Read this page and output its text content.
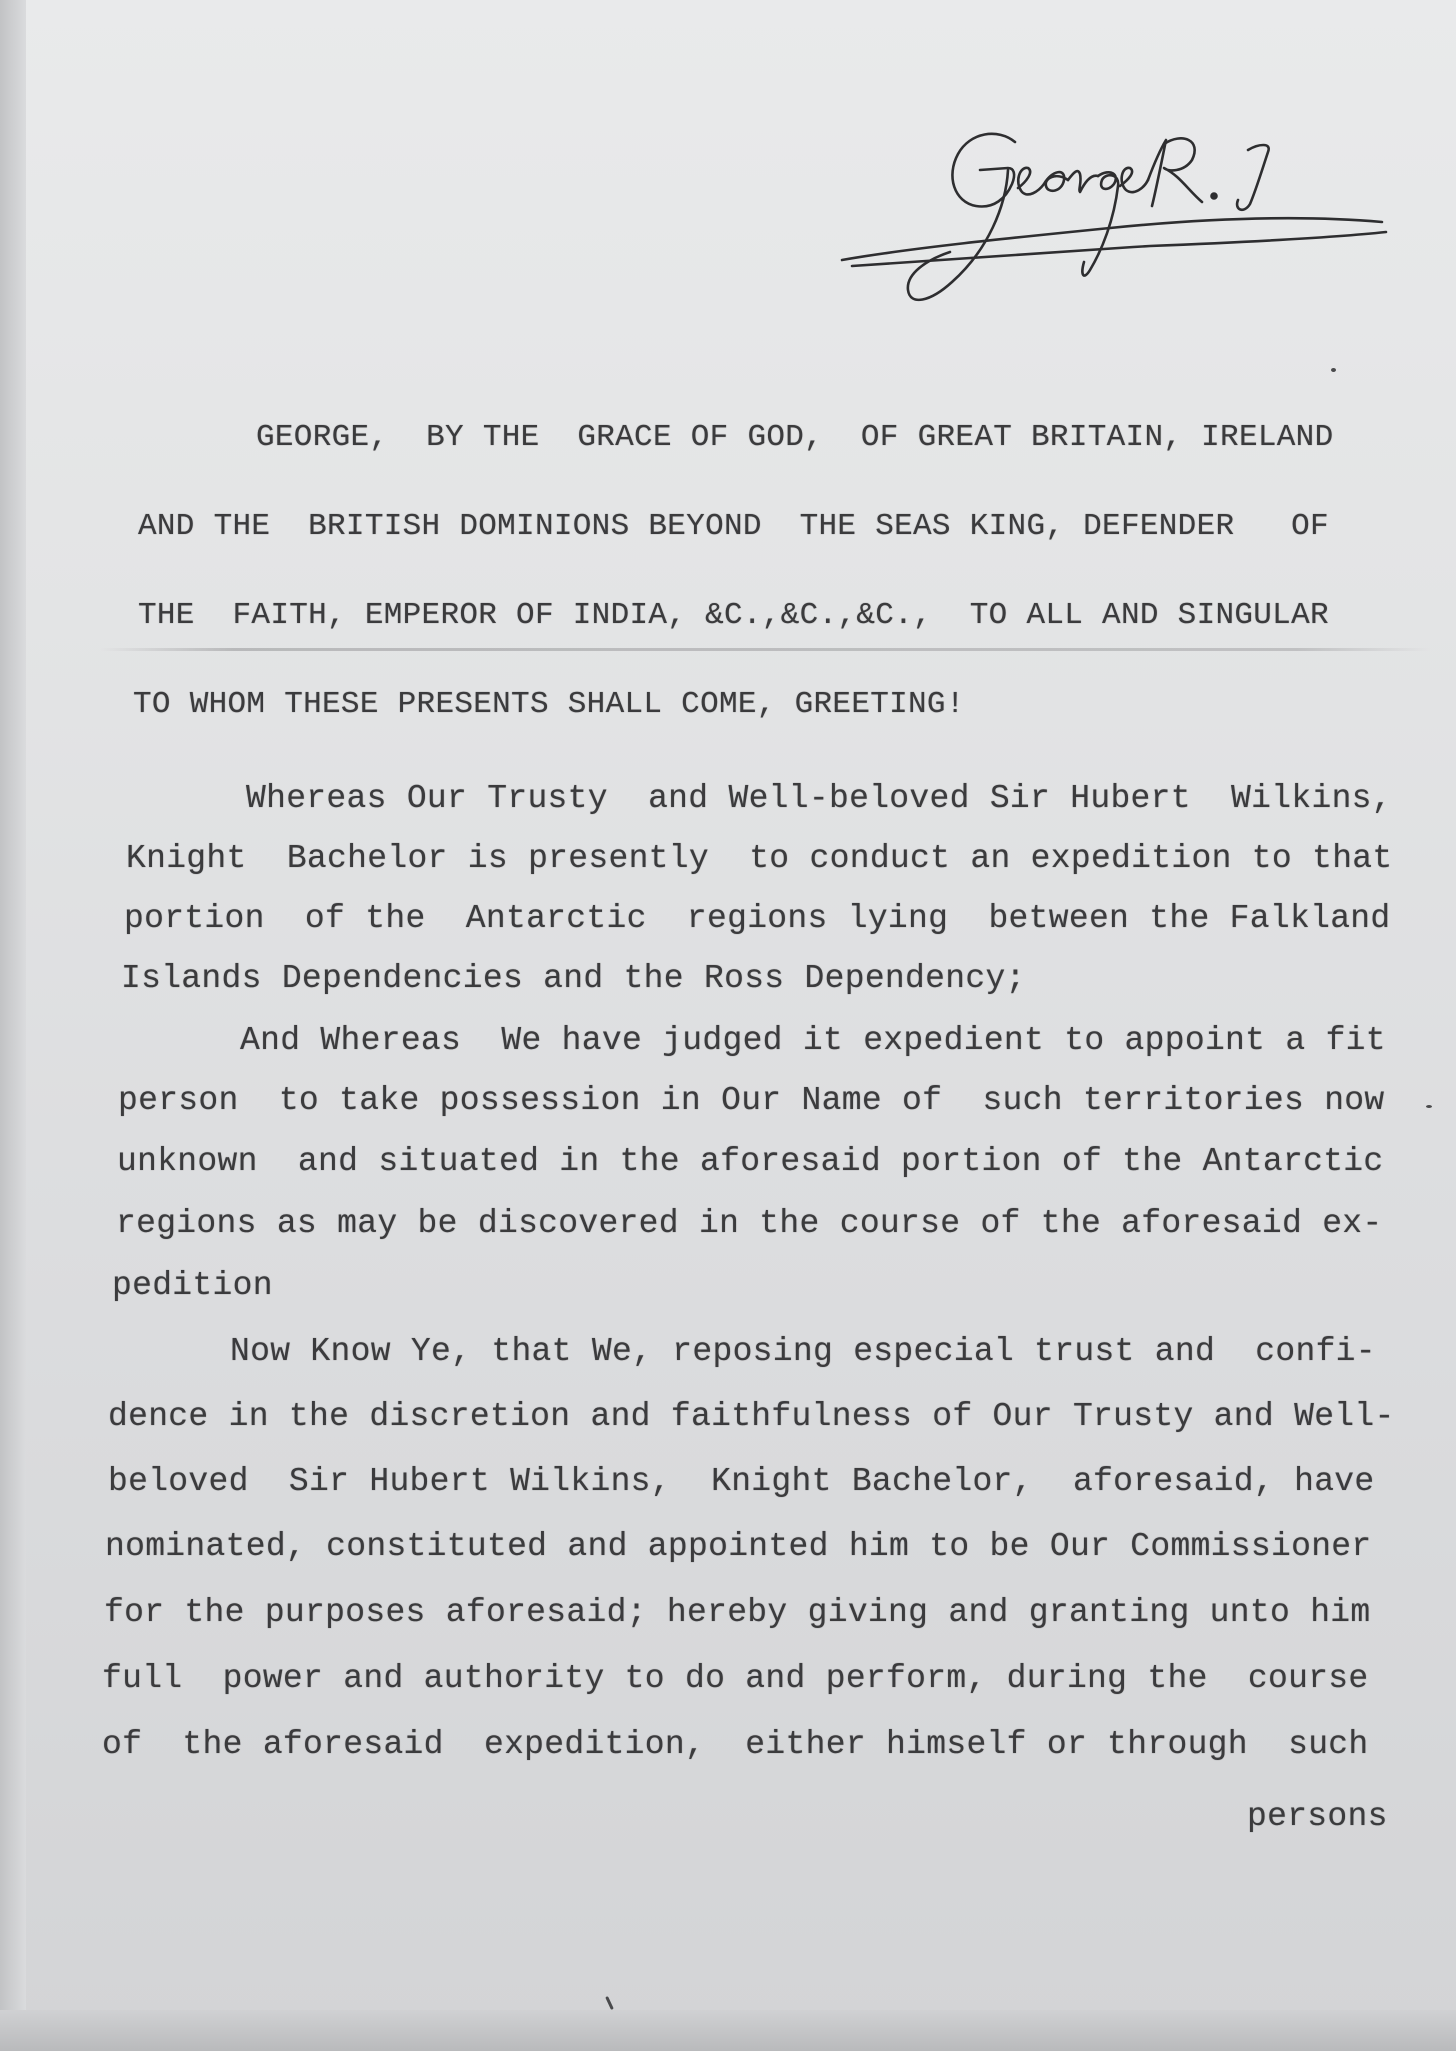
GEORGE,  BY THE  GRACE OF GOD,  OF GREAT BRITAIN, IRELAND
AND THE  BRITISH DOMINIONS BEYOND  THE SEAS KING, DEFENDER   OF
THE  FAITH, EMPEROR OF INDIA, &C.,&C.,&C.,  TO ALL AND SINGULAR
TO WHOM THESE PRESENTS SHALL COME, GREETING!
Whereas Our Trusty  and Well-beloved Sir Hubert  Wilkins,
Knight  Bachelor is presently  to conduct an expedition to that
portion  of the  Antarctic  regions lying  between the Falkland
Islands Dependencies and the Ross Dependency;
And Whereas  We have judged it expedient to appoint a fit
person  to take possession in Our Name of  such territories now
unknown  and situated in the aforesaid portion of the Antarctic
regions as may be discovered in the course of the aforesaid ex-
pedition
Now Know Ye, that We, reposing especial trust and  confi-
dence in the discretion and faithfulness of Our Trusty and Well-
beloved  Sir Hubert Wilkins,  Knight Bachelor,  aforesaid, have
nominated, constituted and appointed him to be Our Commissioner
for the purposes aforesaid; hereby giving and granting unto him
full  power and authority to do and perform, during the  course
of  the aforesaid  expedition,  either himself or through  such
persons
